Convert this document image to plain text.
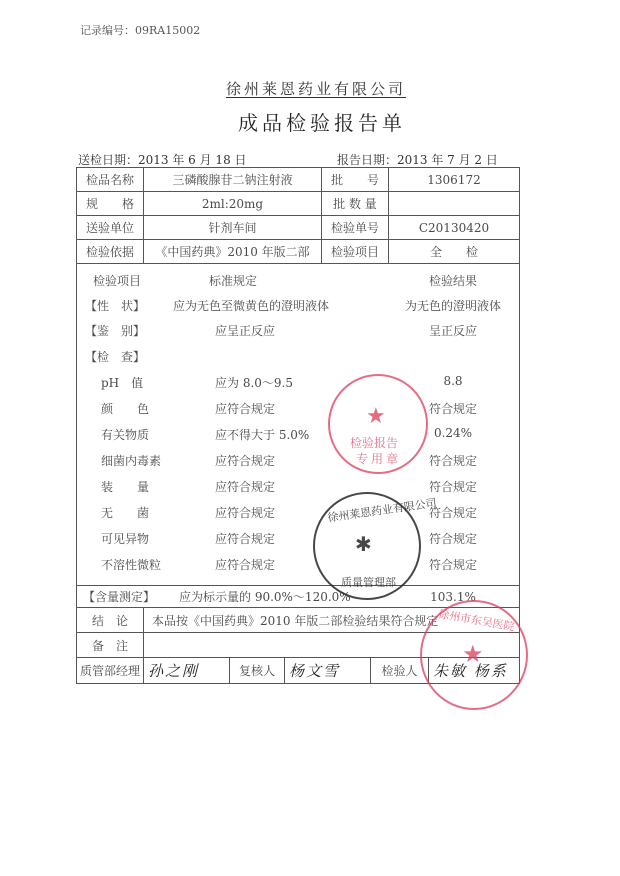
记录编号：09RA15002
徐州莱恩药业有限公司
成品检验报告单
送检日期：2013 年 6 月 18 日	报告日期：2013 年 7 月 2 日
检品名称	三磷酸腺苷二钠注射液	批　　号	1306172
规　　格	2ml:20mg	批 数 量
送验单位	针剂车间	检验单号	C20130420
检验依据	《中国药典》2010 年版二部	检验项目	全　　检
检验项目	标准规定	检验结果
【性　状】 应为无色至微黄色的澄明液体	为无色的澄明液体
【鉴　别】	应呈正反应	呈正反应
【检　查】
pH　值	应为 8.0～9.5	8.8
颜　　色	应符合规定	符合规定
有关物质	应不得大于 5.0%	0.24%
细菌内毒素	应符合规定	符合规定
装　　量	应符合规定	符合规定
无　　菌	应符合规定	符合规定
可见异物	应符合规定	符合规定
不溶性微粒	应符合规定	符合规定
【含量测定】 应为标示量的 90.0%～120.0%	103.1%
结　论	本品按《中国药典》2010 年版二部检验结果符合规定
备　注
质管部经理 孙之刚	复核人 杨文雪	检验人	朱敏 杨系
★
检验报告
专用章
徐州莱恩药业有限公司
✱
质量管理部
徐州市东吴医院
★
